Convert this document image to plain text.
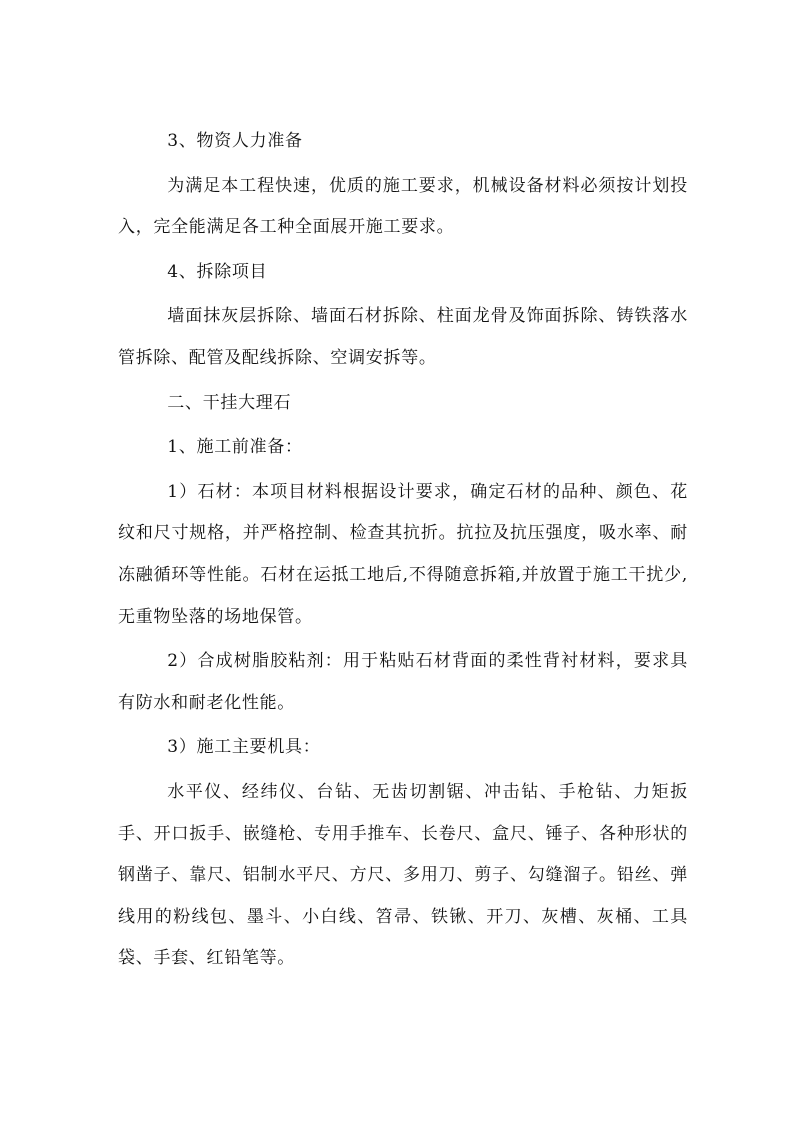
3、物资人力准备

为满足本工程快速，优质的施工要求，机械设备材料必须按计划投入，完全能满足各工种全面展开施工要求。

4、拆除项目

墙面抹灰层拆除、墙面石材拆除、柱面龙骨及饰面拆除、铸铁落水管拆除、配管及配线拆除、空调安拆等。

二、干挂大理石

1、施工前准备：

1）石材：本项目材料根据设计要求，确定石材的品种、颜色、花纹和尺寸规格，并严格控制、检查其抗折。抗拉及抗压强度，吸水率、耐冻融循环等性能。石材在运抵工地后,不得随意拆箱,并放置于施工干扰少,无重物坠落的场地保管。

2）合成树脂胶粘剂：用于粘贴石材背面的柔性背衬材料，要求具有防水和耐老化性能。

3）施工主要机具：

水平仪、经纬仪、台钻、无齿切割锯、冲击钻、手枪钻、力矩扳手、开口扳手、嵌缝枪、专用手推车、长卷尺、盒尺、锤子、各种形状的钢凿子、靠尺、铝制水平尺、方尺、多用刀、剪子、勾缝溜子。铅丝、弹线用的粉线包、墨斗、小白线、笤帚、铁锹、开刀、灰槽、灰桶、工具袋、手套、红铅笔等。
